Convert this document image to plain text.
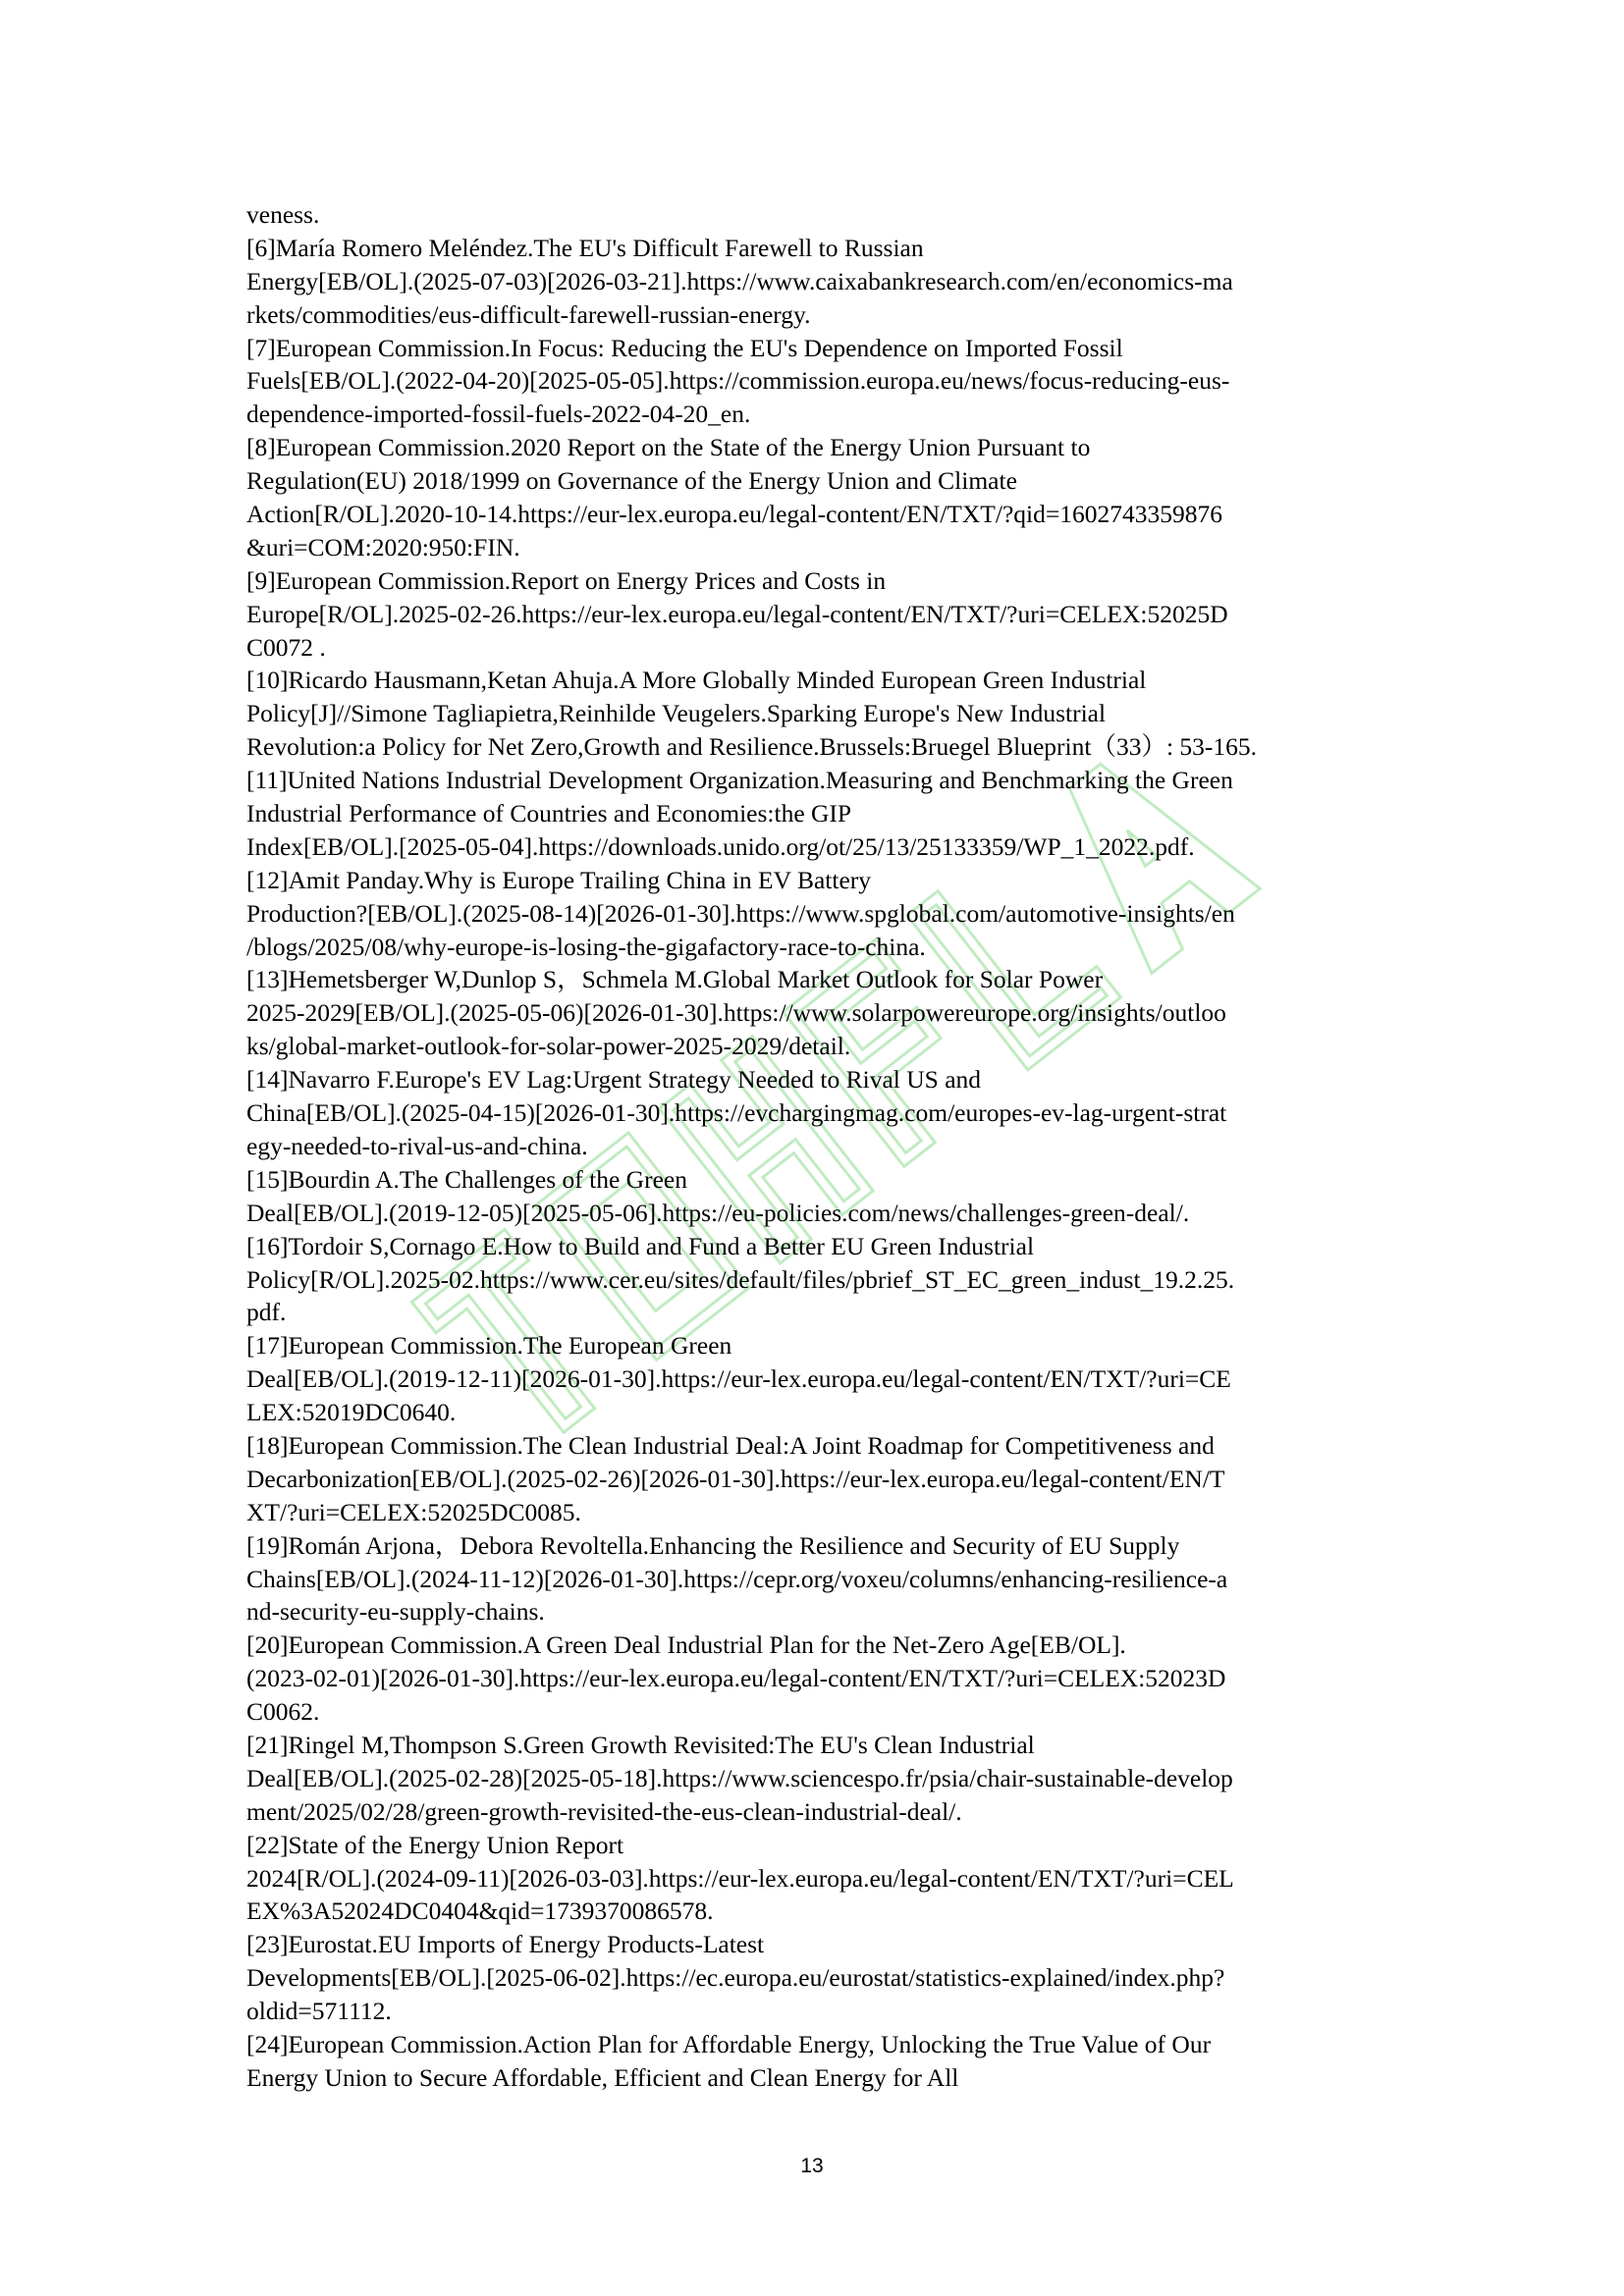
veness.
[6]María Romero Meléndez.The EU's Difficult Farewell to Russian
Energy[EB/OL].(2025-07-03)[2026-03-21].https://www.caixabankresearch.com/en/economics-ma
rkets/commodities/eus-difficult-farewell-russian-energy.
[7]European Commission.In Focus: Reducing the EU's Dependence on Imported Fossil
Fuels[EB/OL].(2022-04-20)[2025-05-05].https://commission.europa.eu/news/focus-reducing-eus-
dependence-imported-fossil-fuels-2022-04-20_en.
[8]European Commission.2020 Report on the State of the Energy Union Pursuant to
Regulation(EU) 2018/1999 on Governance of the Energy Union and Climate
Action[R/OL].2020-10-14.https://eur-lex.europa.eu/legal-content/EN/TXT/?qid=1602743359876
&uri=COM:2020:950:FIN.
[9]European Commission.Report on Energy Prices and Costs in
Europe[R/OL].2025-02-26.https://eur-lex.europa.eu/legal-content/EN/TXT/?uri=CELEX:52025D
C0072 .
[10]Ricardo Hausmann,Ketan Ahuja.A More Globally Minded European Green Industrial
Policy[J]//Simone Tagliapietra,Reinhilde Veugelers.Sparking Europe's New Industrial
Revolution:a Policy for Net Zero,Growth and Resilience.Brussels:Bruegel Blueprint（33）: 53-165.
[11]United Nations Industrial Development Organization.Measuring and Benchmarking the Green
Industrial Performance of Countries and Economies:the GIP
Index[EB/OL].[2025-05-04].https://downloads.unido.org/ot/25/13/25133359/WP_1_2022.pdf.
[12]Amit Panday.Why is Europe Trailing China in EV Battery
Production?[EB/OL].(2025-08-14)[2026-01-30].https://www.spglobal.com/automotive-insights/en
/blogs/2025/08/why-europe-is-losing-the-gigafactory-race-to-china.
[13]Hemetsberger W,Dunlop S，Schmela M.Global Market Outlook for Solar Power
2025-2029[EB/OL].(2025-05-06)[2026-01-30].https://www.solarpowereurope.org/insights/outloo
ks/global-market-outlook-for-solar-power-2025-2029/detail.
[14]Navarro F.Europe's EV Lag:Urgent Strategy Needed to Rival US and
China[EB/OL].(2025-04-15)[2026-01-30].https://evchargingmag.com/europes-ev-lag-urgent-strat
egy-needed-to-rival-us-and-china.
[15]Bourdin A.The Challenges of the Green
Deal[EB/OL].(2019-12-05)[2025-05-06].https://eu-policies.com/news/challenges-green-deal/.
[16]Tordoir S,Cornago E.How to Build and Fund a Better EU Green Industrial
Policy[R/OL].2025-02.https://www.cer.eu/sites/default/files/pbrief_ST_EC_green_indust_19.2.25.
pdf.
[17]European Commission.The European Green
Deal[EB/OL].(2019-12-11)[2026-01-30].https://eur-lex.europa.eu/legal-content/EN/TXT/?uri=CE
LEX:52019DC0640.
[18]European Commission.The Clean Industrial Deal:A Joint Roadmap for Competitiveness and
Decarbonization[EB/OL].(2025-02-26)[2026-01-30].https://eur-lex.europa.eu/legal-content/EN/T
XT/?uri=CELEX:52025DC0085.
[19]Román Arjona，Debora Revoltella.Enhancing the Resilience and Security of EU Supply
Chains[EB/OL].(2024-11-12)[2026-01-30].https://cepr.org/voxeu/columns/enhancing-resilience-a
nd-security-eu-supply-chains.
[20]European Commission.A Green Deal Industrial Plan for the Net-Zero Age[EB/OL].
(2023-02-01)[2026-01-30].https://eur-lex.europa.eu/legal-content/EN/TXT/?uri=CELEX:52023D
C0062.
[21]Ringel M,Thompson S.Green Growth Revisited:The EU's Clean Industrial
Deal[EB/OL].(2025-02-28)[2025-05-18].https://www.sciencespo.fr/psia/chair-sustainable-develop
ment/2025/02/28/green-growth-revisited-the-eus-clean-industrial-deal/.
[22]State of the Energy Union Report
2024[R/OL].(2024-09-11)[2026-03-03].https://eur-lex.europa.eu/legal-content/EN/TXT/?uri=CEL
EX%3A52024DC0404&qid=1739370086578.
[23]Eurostat.EU Imports of Energy Products-Latest
Developments[EB/OL].[2025-06-02].https://ec.europa.eu/eurostat/statistics-explained/index.php?
oldid=571112.
[24]European Commission.Action Plan for Affordable Energy, Unlocking the True Value of Our
Energy Union to Secure Affordable, Efficient and Clean Energy for All
13
